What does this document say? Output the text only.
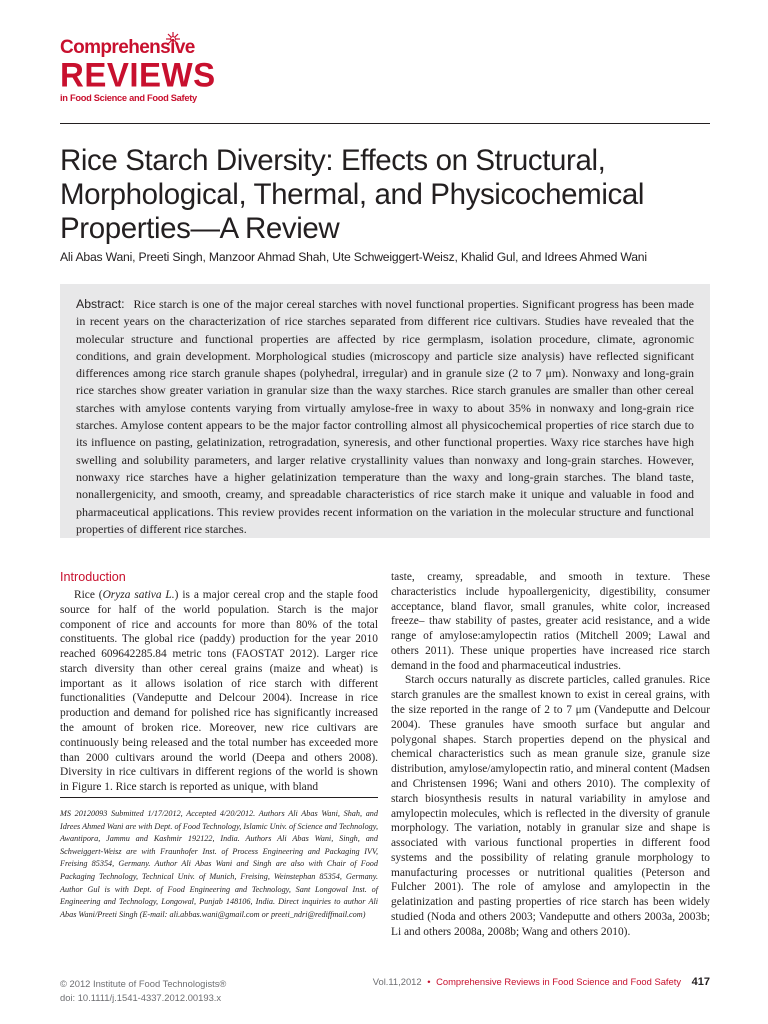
Comprehensive
REVIEWS
in Food Science and Food Safety
Rice Starch Diversity: Effects on Structural, Morphological, Thermal, and Physicochemical Properties—A Review
Ali Abas Wani, Preeti Singh, Manzoor Ahmad Shah, Ute Schweiggert-Weisz, Khalid Gul, and Idrees Ahmed Wani

Abstract: Rice starch is one of the major cereal starches with novel functional properties. Significant progress has been made in recent years on the characterization of rice starches separated from different rice cultivars. Studies have revealed that the molecular structure and functional properties are affected by rice germplasm, isolation procedure, climate, agronomic conditions, and grain development. Morphological studies (microscopy and particle size analysis) have reflected significant differences among rice starch granule shapes (polyhedral, irregular) and in granule size (2 to 7 μm). Nonwaxy and long-grain rice starches show greater variation in granular size than the waxy starches. Rice starch granules are smaller than other cereal starches with amylose contents varying from virtually amylose-free in waxy to about 35% in nonwaxy and long-grain rice starches. Amylose content appears to be the major factor controlling almost all physicochemical properties of rice starch due to its influence on pasting, gelatinization, retrogradation, syneresis, and other functional properties. Waxy rice starches have high swelling and solubility parameters, and larger relative crystallinity values than nonwaxy and long-grain starches. However, nonwaxy rice starches have a higher gelatinization temperature than the waxy and long-grain starches. The bland taste, nonallergenicity, and smooth, creamy, and spreadable characteristics of rice starch make it unique and valuable in food and pharmaceutical applications. This review provides recent information on the variation in the molecular structure and functional properties of different rice starches.

Introduction

Rice (Oryza sativa L.) is a major cereal crop and the staple food source for half of the world population. Starch is the major component of rice and accounts for more than 80% of the total constituents. The global rice (paddy) production for the year 2010 reached 609642285.84 metric tons (FAOSTAT 2012). Larger rice starch diversity than other cereal grains (maize and wheat) is important as it allows isolation of rice starch with different functionalities (Vandeputte and Delcour 2004). Increase in rice production and demand for polished rice has significantly increased the amount of broken rice. Moreover, new rice cultivars are continuously being released and the total number has exceeded more than 2000 cultivars around the world (Deepa and others 2008). Diversity in rice cultivars in different regions of the world is shown in Figure 1. Rice starch is reported as unique, with bland

MS 20120093 Submitted 1/17/2012, Accepted 4/20/2012. Authors Ali Abas Wani, Shah, and Idrees Ahmed Wani are with Dept. of Food Technology, Islamic Univ. of Science and Technology, Awantipora, Jammu and Kashmir 192122, India. Authors Ali Abas Wani, Singh, and Schweiggert-Weisz are with Fraunhofer Inst. of Process Engineering and Packaging IVV, Freising 85354, Germany. Author Ali Abas Wani and Singh are also with Chair of Food Packaging Technology, Technical Univ. of Munich, Freising, Weinstephan 85354, Germany. Author Gul is with Dept. of Food Engineering and Technology, Sant Longowal Inst. of Engineering and Technology, Longowal, Punjab 148106, India. Direct inquiries to author Ali Abas Wani/Preeti Singh (E-mail: ali.abbas.wani@gmail.com or preeti_ndri@rediffmail.com)

taste, creamy, spreadable, and smooth in texture. These characteristics include hypoallergenicity, digestibility, consumer acceptance, bland flavor, small granules, white color, increased freeze– thaw stability of pastes, greater acid resistance, and a wide range of amylose:amylopectin ratios (Mitchell 2009; Lawal and others 2011). These unique properties have increased rice starch demand in the food and pharmaceutical industries.

Starch occurs naturally as discrete particles, called granules. Rice starch granules are the smallest known to exist in cereal grains, with the size reported in the range of 2 to 7 μm (Vandeputte and Delcour 2004). These granules have smooth surface but angular and polygonal shapes. Starch properties depend on the physical and chemical characteristics such as mean granule size, granule size distribution, amylose/amylopectin ratio, and mineral content (Madsen and Christensen 1996; Wani and others 2010). The complexity of starch biosynthesis results in natural variability in amylose and amylopectin molecules, which is reflected in the diversity of granule morphology. The variation, notably in granular size and shape is associated with various functional properties in different food systems and the possibility of relating granule morphology to manufacturing processes or nutritional qualities (Peterson and Fulcher 2001). The role of amylose and amylopectin in the gelatinization and pasting properties of rice starch has been widely studied (Noda and others 2003; Vandeputte and others 2003a, 2003b; Li and others 2008a, 2008b; Wang and others 2010).

© 2012 Institute of Food Technologists®
doi: 10.1111/j.1541-4337.2012.00193.x
Vol.11,2012 • Comprehensive Reviews in Food Science and Food Safety 417
